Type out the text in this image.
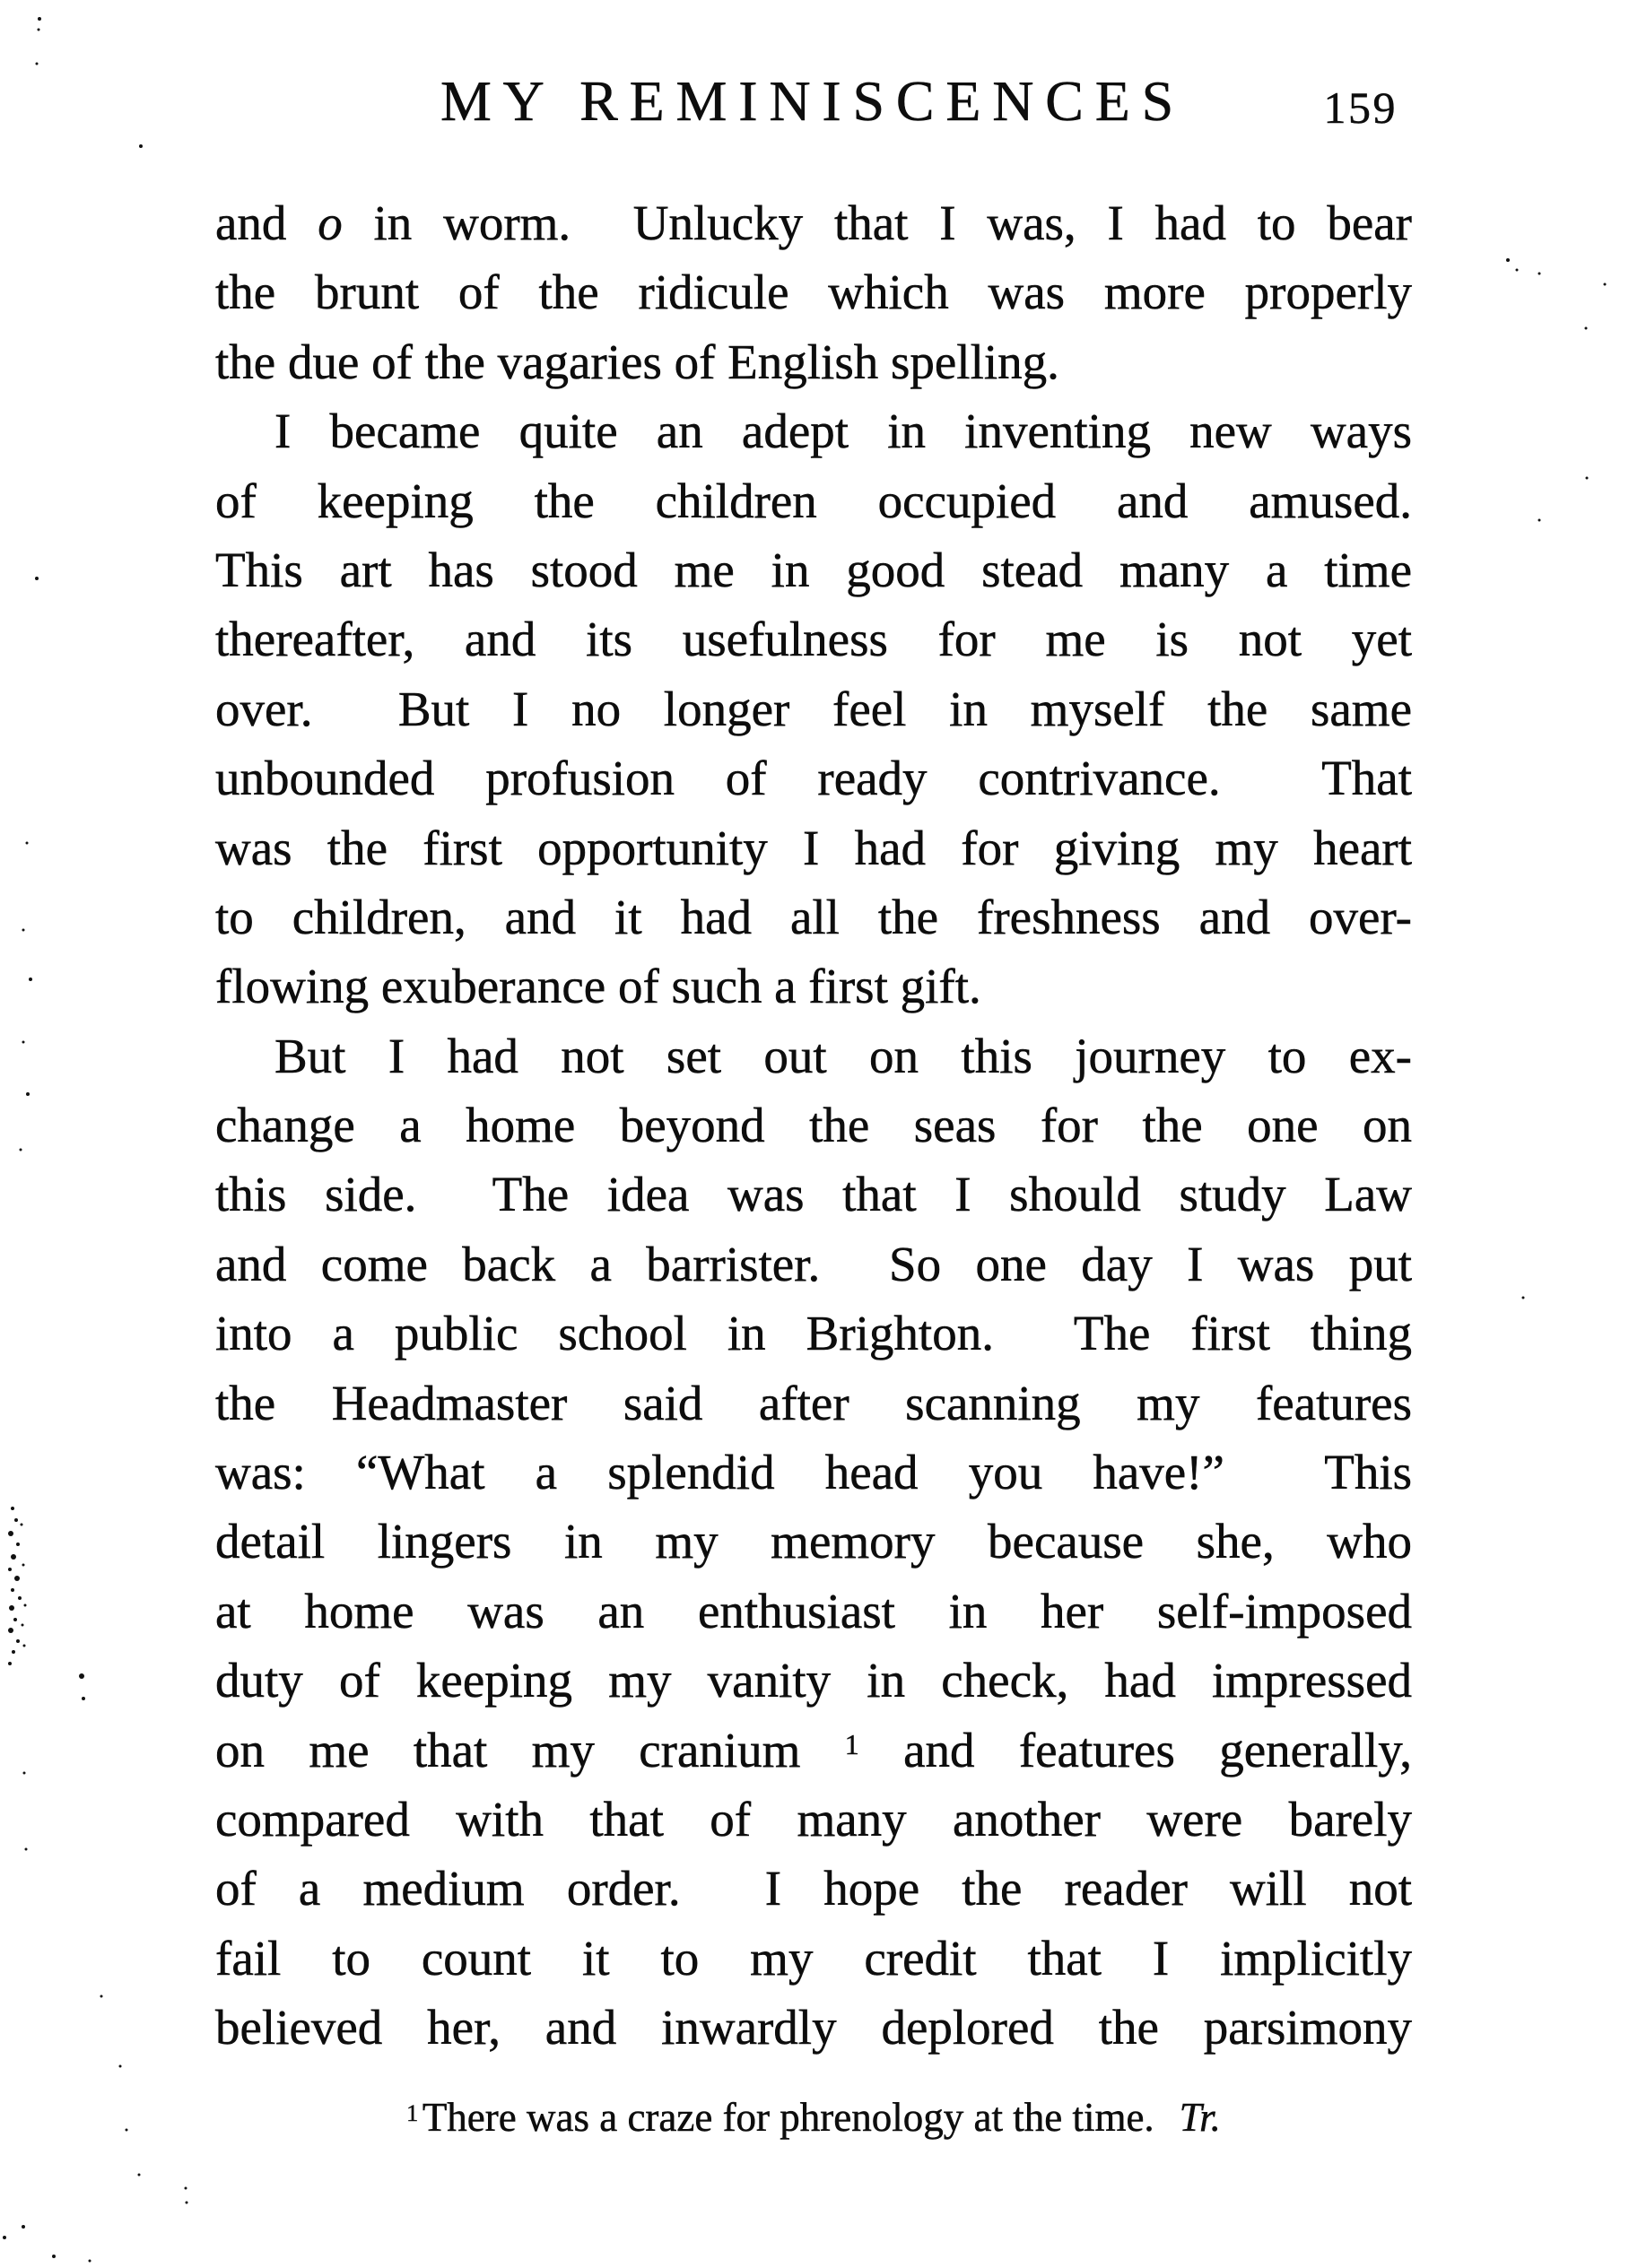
MY REMINISCENCES	159
and o in worm.  Unlucky that I was, I had to bear
the brunt of the ridicule which was more properly
the due of the vagaries of English spelling.
I became quite an adept in inventing new ways
of keeping the children occupied and amused.
This art has stood me in good stead many a time
thereafter, and its usefulness for me is not yet
over.  But I no longer feel in myself the same
unbounded profusion of ready contrivance.  That
was the first opportunity I had for giving my heart
to children, and it had all the freshness and over-
flowing exuberance of such a first gift.
But I had not set out on this journey to ex-
change a home beyond the seas for the one on
this side.  The idea was that I should study Law
and come back a barrister.  So one day I was put
into a public school in Brighton.  The first thing
the Headmaster said after scanning my features
was: “What a splendid head you have!”  This
detail lingers in my memory because she, who
at home was an enthusiast in her self-imposed
duty of keeping my vanity in check, had impressed
on me that my cranium $^1$ and features generally,
compared with that of many another were barely
of a medium order.  I hope the reader will not
fail to count it to my credit that I implicitly
believed her, and inwardly deplored the parsimony
$^1$ There was a craze for phrenology at the time. Tr.
